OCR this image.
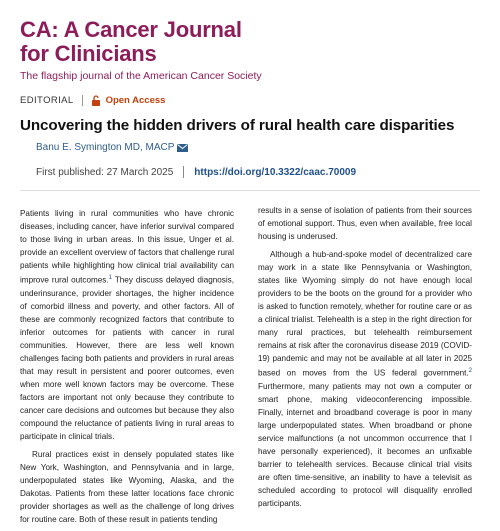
CA: A Cancer Journal
for Clinicians
The flagship journal of the American Cancer Society
EDITORIAL	Open Access
Uncovering the hidden drivers of rural health care disparities
Banu E. Symington MD, MACP
First published: 27 March 2025 https://doi.org/10.3322/caac.70009

Patients living in rural communities who have chronic diseases, including cancer, have inferior survival compared to those living in urban areas. In this issue, Unger et al. provide an excellent overview of factors that challenge rural patients while highlighting how clinical trial availability can improve rural outcomes.$^1$ They discuss delayed diagnosis, underinsurance, provider shortages, the higher incidence of comorbid illness and poverty, and other factors. All of these are commonly recognized factors that contribute to inferior outcomes for patients with cancer in rural communities. However, there are less well known challenges facing both patients and providers in rural areas that may result in persistent and poorer outcomes, even when more well known factors may be overcome. These factors are important not only because they contribute to cancer care decisions and outcomes but because they also compound the reluctance of patients living in rural areas to participate in clinical trials.

Rural practices exist in densely populated states like New York, Washington, and Pennsylvania and in large, underpopulated states like Wyoming, Alaska, and the Dakotas. Patients from these latter locations face chronic provider shortages as well as the challenge of long drives for routine care. Both of these result in patients tending

results in a sense of isolation of patients from their sources of emotional support. Thus, even when available, free local housing is underused.

Although a hub-and-spoke model of decentralized care may work in a state like Pennsylvania or Washington, states like Wyoming simply do not have enough local providers to be the boots on the ground for a provider who is asked to function remotely, whether for routine care or as a clinical trialist. Telehealth is a step in the right direction for many rural practices, but telehealth reimbursement remains at risk after the coronavirus disease 2019 (COVID-19) pandemic and may not be available at all later in 2025 based on moves from the US federal government.$^2$ Furthermore, many patients may not own a computer or smart phone, making videoconferencing impossible. Finally, internet and broadband coverage is poor in many large underpopulated states. When broadband or phone service malfunctions (a not uncommon occurrence that I have personally experienced), it becomes an unfixable barrier to telehealth services. Because clinical trial visits are often time-sensitive, an inability to have a televisit as scheduled according to protocol will disqualify enrolled participants.
